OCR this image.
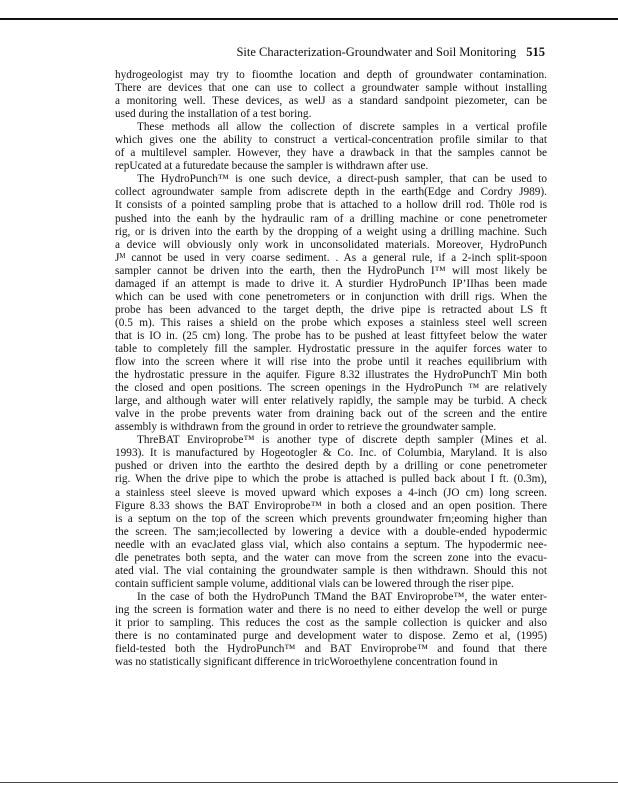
Site Characterization-Groundwater and Soil Monitoring 515
hydrogeologist may try to fioomthe location and depth of groundwater contamination.
There are devices that one can use to collect a groundwater sample without installing
a monitoring well. These devices, as welJ as a standard sandpoint piezometer, can be
used during the installation of a test boring.
These methods all allow the collection of discrete samples in a vertical profile
which gives one the ability to construct a vertical-concentration profile similar to that
of a multilevel sampler. However, they have a drawback in that the samples cannot be
repUcated at a futuredate because the sampler is withdrawn after use.
The HydroPunch™ is one such device, a direct-push sampler, that can be used to
collect agroundwater sample from adiscrete depth in the earth(Edge and Cordry J989).
It consists of a pointed sampling probe that is attached to a hollow drill rod. Th0le rod is
pushed into the eanh by the hydraulic ram of a drilling machine or cone penetrometer
rig, or is driven into the earth by the dropping of a weight using a drilling machine. Such
a device will obviously only work in unconsolidated materials. Moreover, HydroPunch
Jᴹ cannot be used in very coarse sediment. . As a general rule, if a 2-inch split-spoon
sampler cannot be driven into the earth, then the HydroPunch I™ will most likely be
damaged if an attempt is made to drive it. A sturdier HydroPunch IP’IIhas been made
which can be used with cone penetrometers or in conjunction with drill rigs. When the
probe has been advanced to the target depth, the drive pipe is retracted about LS ft
(0.5 m). This raises a shield on the probe which exposes a stainless steel well screen
that is IO in. (25 cm) long. The probe has to be pushed at least fittyfeet below the water
table to completely fill the sampler. Hydrostatic pressure in the aquifer forces water to
flow into the screen where it will rise into the probe until it reaches equilibrium with
the hydrostatic pressure in the aquifer. Figure 8.32 illustrates the HydroPunchT Min both
the closed and open positions. The screen openings in the HydroPunch ™ are relatively
large, and although water will enter relatively rapidly, the sample may be turbid. A check
valve in the probe prevents water from draining back out of the screen and the entire
assembly is withdrawn from the ground in order to retrieve the groundwater sample.
ThreBAT Enviroprobe™ is another type of discrete depth sampler (Mines et al.
1993). It is manufactured by Hogeotogler & Co. Inc. of Columbia, Maryland. It is also
pushed or driven into the earthto the desired depth by a drilling or cone penetrometer
rig. When the drive pipe to which the probe is attached is pulled back about I ft. (0.3m),
a stainless steel sleeve is moved upward which exposes a 4-inch (JO cm) long screen.
Figure 8.33 shows the BAT Enviroprobe™ in both a closed and an open position. There
is a septum on the top of the screen which prevents groundwater frn;eoming higher than
the screen. The sam;iecollected by lowering a device with a double-ended hypodermic
needle with an evacJated glass vial, which also contains a septum. The hypodermic nee-
dle penetrates both septa, and the water can move from the screen zone into the evacu-
ated vial. The vial containing the groundwater sample is then withdrawn. Should this not
contain sufficient sample volume, additional vials can be lowered through the riser pipe.
In the case of both the HydroPunch TMand the BAT Enviroprobe™, the water enter-
ing the screen is formation water and there is no need to either develop the well or purge
it prior to sampling. This reduces the cost as the sample collection is quicker and also
there is no contaminated purge and development water to dispose. Zemo et al, (1995)
field-tested both the HydroPunch™ and BAT Enviroprobe™ and found that there
was no statistically significant difference in tricWoroethylene concentration found in
